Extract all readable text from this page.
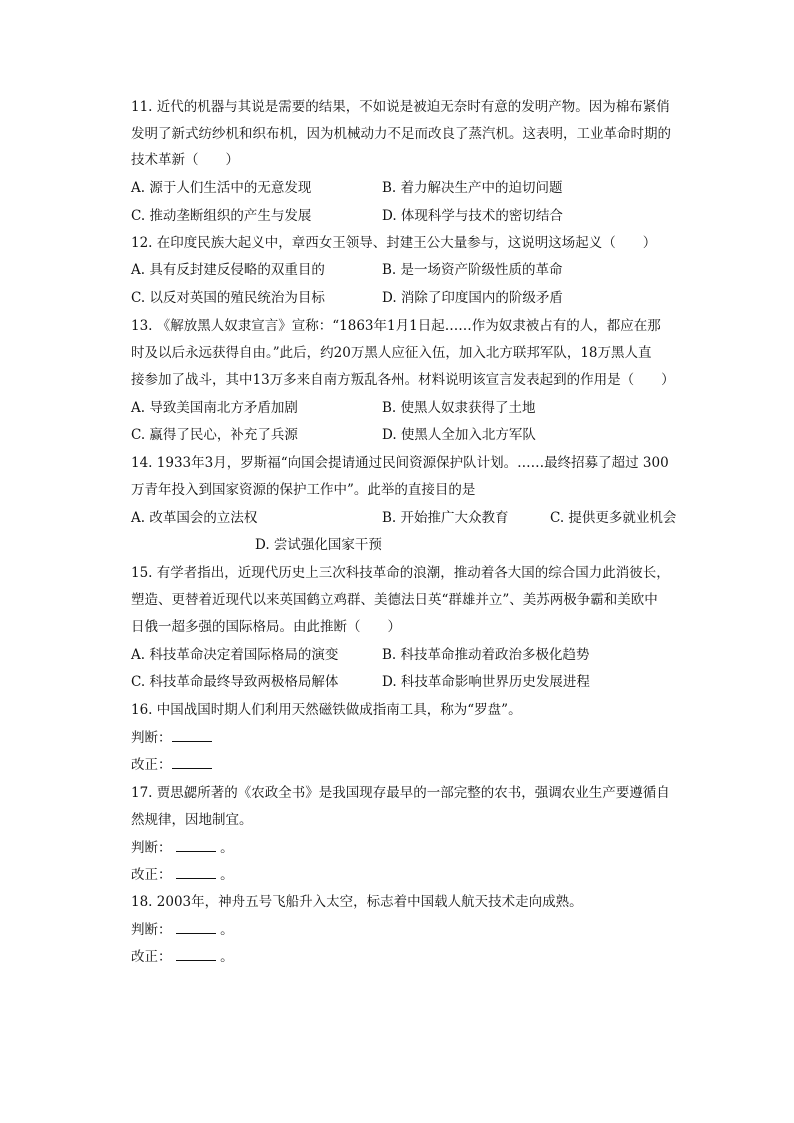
11. 近代的机器与其说是需要的结果，不如说是被迫无奈时有意的发明产物。因为棉布紧俏
发明了新式纺纱机和织布机，因为机械动力不足而改良了蒸汽机。这表明，工业革命时期的
技术革新（　　）
A. 源于人们生活中的无意发现	B. 着力解决生产中的迫切问题
C. 推动垄断组织的产生与发展	D. 体现科学与技术的密切结合
12. 在印度民族大起义中，章西女王领导、封建王公大量参与，这说明这场起义（　　）
A. 具有反封建反侵略的双重目的	B. 是一场资产阶级性质的革命
C. 以反对英国的殖民统治为目标	D. 消除了印度国内的阶级矛盾
13. 《解放黑人奴隶宣言》宣称：“1863年1月1日起……作为奴隶被占有的人，都应在那
时及以后永远获得自由。”此后，约20万黑人应征入伍，加入北方联邦军队，18万黑人直
接参加了战斗，其中13万多来自南方叛乱各州。材料说明该宣言发表起到的作用是（　　）
A. 导致美国南北方矛盾加剧	B. 使黑人奴隶获得了土地
C. 赢得了民心，补充了兵源	D. 使黑人全加入北方军队
14. 1933年3月，罗斯福“向国会提请通过民间资源保护队计划。……最终招募了超过 300
万青年投入到国家资源的保护工作中”。此举的直接目的是
A. 改革国会的立法权	B. 开始推广大众教育	C. 提供更多就业机会
D. 尝试强化国家干预
15. 有学者指出，近现代历史上三次科技革命的浪潮，推动着各大国的综合国力此消彼长，
塑造、更替着近现代以来英国鹤立鸡群、美德法日英“群雄并立”、美苏两极争霸和美欧中
日俄一超多强的国际格局。由此推断（　　）
A. 科技革命决定着国际格局的演变	B. 科技革命推动着政治多极化趋势
C. 科技革命最终导致两极格局解体	D. 科技革命影响世界历史发展进程
16. 中国战国时期人们利用天然磁铁做成指南工具，称为“罗盘”。
判断：
改正：
17. 贾思勰所著的《农政全书》是我国现存最早的一部完整的农书，强调农业生产要遵循自
然规律，因地制宜。
判断：	。
改正：	。
18. 2003年，神舟五号飞船升入太空，标志着中国载人航天技术走向成熟。
判断：	。
改正：	。
